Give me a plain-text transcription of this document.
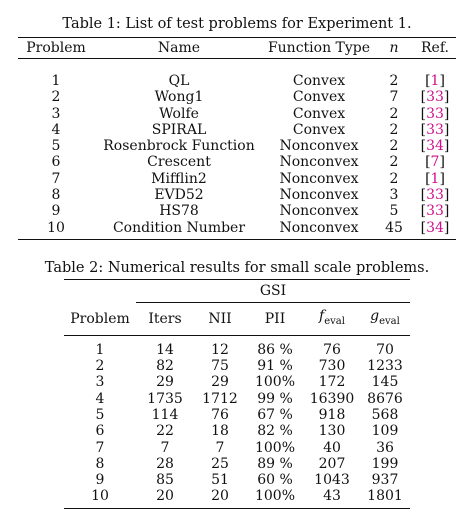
Table 1: List of test problems for Experiment 1.
Problem	Name	Function Type	n	Ref.

1	QL	Convex	2	[1]
2	Wong1	Convex	7	[33]
3	Wolfe	Convex	2	[33]
4	SPIRAL	Convex	2	[33]
5	Rosenbrock Function	Nonconvex	2	[34]
6	Crescent	Nonconvex	2	[7]
7	Mifflin2	Nonconvex	2	[1]
8	EVD52	Nonconvex	3	[33]
9	HS78	Nonconvex	5	[33]
10	Condition Number	Nonconvex	45	[34]
Table 2: Numerical results for small scale problems.
	GSI				
Problem	Iters	NII	PII	$f_{eval}$	$g_{eval}$
1	14	12	86 %	76	70
2	82	75	91 %	730	1233
3	29	29	100%	172	145
4	1735	1712	99 %	16390	8676
5	114	76	67 %	918	568
6	22	18	82 %	130	109
7	7	7	100%	40	36
8	28	25	89 %	207	199
9	85	51	60 %	1043	937
10	20	20	100%	43	1801
